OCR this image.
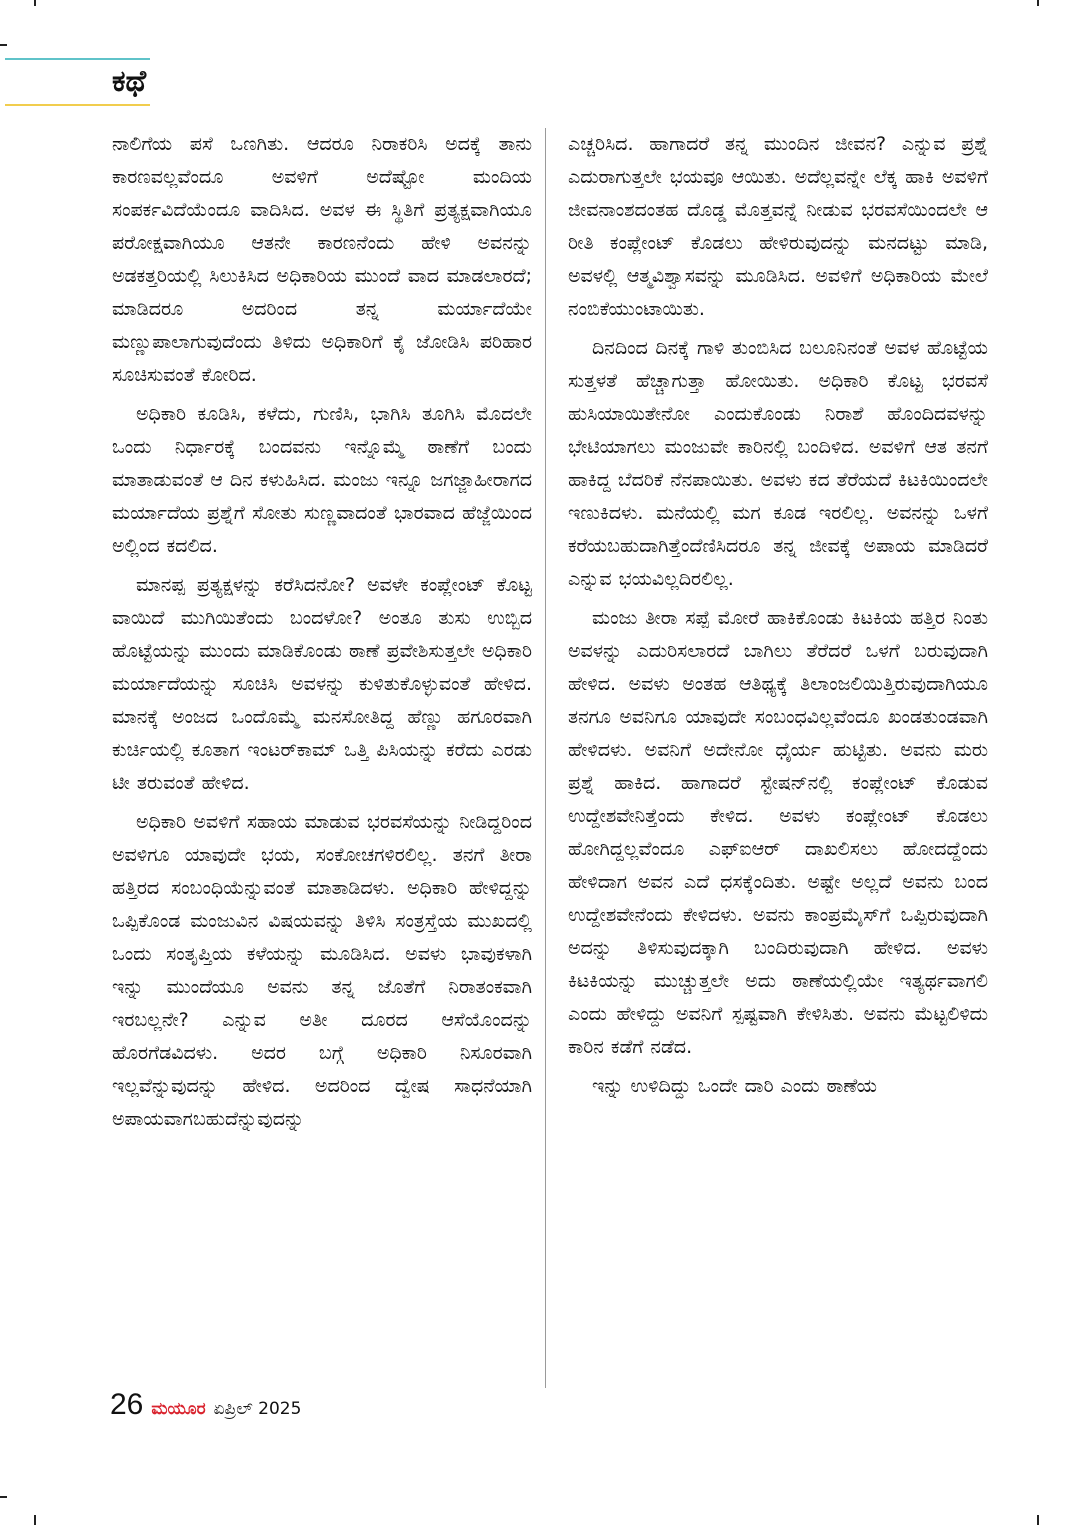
ಕಥೆ

ನಾಲಿಗೆಯ ಪಸೆ ಒಣಗಿತು. ಆದರೂ ನಿರಾಕರಿಸಿ ಅದಕ್ಕೆ ತಾನು ಕಾರಣವಲ್ಲವೆಂದೂ ಅವಳಿಗೆ ಅದೆಷ್ಟೋ ಮಂದಿಯ ಸಂಪರ್ಕವಿದೆಯೆಂದೂ ವಾದಿಸಿದ. ಅವಳ ಈ ಸ್ಥಿತಿಗೆ ಪ್ರತ್ಯಕ್ಷವಾಗಿಯೂ ಪರೋಕ್ಷವಾಗಿಯೂ ಆತನೇ ಕಾರಣನೆಂದು ಹೇಳಿ ಅವನನ್ನು ಅಡಕತ್ತರಿಯಲ್ಲಿ ಸಿಲುಕಿಸಿದ ಅಧಿಕಾರಿಯ ಮುಂದೆ ವಾದ ಮಾಡಲಾರದೆ; ಮಾಡಿದರೂ ಅದರಿಂದ ತನ್ನ ಮರ್ಯಾದೆಯೇ ಮಣ್ಣುಪಾಲಾಗುವುದೆಂದು ತಿಳಿದು ಅಧಿಕಾರಿಗೆ ಕೈ ಜೋಡಿಸಿ ಪರಿಹಾರ ಸೂಚಿಸುವಂತೆ ಕೋರಿದ.

ಅಧಿಕಾರಿ ಕೂಡಿಸಿ, ಕಳೆದು, ಗುಣಿಸಿ, ಭಾಗಿಸಿ ತೂಗಿಸಿ ಮೊದಲೇ ಒಂದು ನಿರ್ಧಾರಕ್ಕೆ ಬಂದವನು ಇನ್ನೊಮ್ಮೆ ಠಾಣೆಗೆ ಬಂದು ಮಾತಾಡುವಂತೆ ಆ ದಿನ ಕಳುಹಿಸಿದ. ಮಂಜು ಇನ್ನೂ ಜಗಜ್ಜಾಹೀರಾಗದ ಮರ್ಯಾದೆಯ ಪ್ರಶ್ನೆಗೆ ಸೋತು ಸುಣ್ಣವಾದಂತೆ ಭಾರವಾದ ಹೆಜ್ಜೆಯಿಂದ ಅಲ್ಲಿಂದ ಕದಲಿದ.

ಮಾನಪ್ಪ ಪ್ರತ್ಯಕ್ಷಳನ್ನು ಕರೆಸಿದನೋ? ಅವಳೇ ಕಂಪ್ಲೇಂಟ್ ಕೊಟ್ಟ ವಾಯಿದೆ ಮುಗಿಯಿತೆಂದು ಬಂದಳೋ? ಅಂತೂ ತುಸು ಉಬ್ಬಿದ ಹೊಟ್ಟೆಯನ್ನು ಮುಂದು ಮಾಡಿಕೊಂಡು ಠಾಣೆ ಪ್ರವೇಶಿಸುತ್ತಲೇ ಅಧಿಕಾರಿ ಮರ್ಯಾದೆಯನ್ನು ಸೂಚಿಸಿ ಅವಳನ್ನು ಕುಳಿತುಕೊಳ್ಳುವಂತೆ ಹೇಳಿದ. ಮಾನಕ್ಕೆ ಅಂಜದ ಒಂದೊಮ್ಮೆ ಮನಸೋತಿದ್ದ ಹೆಣ್ಣು ಹಗೂರವಾಗಿ ಕುರ್ಚಿಯಲ್ಲಿ ಕೂತಾಗ ಇಂಟರ್‌ಕಾಮ್ ಒತ್ತಿ ಪಿಸಿಯನ್ನು ಕರೆದು ಎರಡು ಟೀ ತರುವಂತೆ ಹೇಳಿದ.

ಅಧಿಕಾರಿ ಅವಳಿಗೆ ಸಹಾಯ ಮಾಡುವ ಭರವಸೆಯನ್ನು ನೀಡಿದ್ದರಿಂದ ಅವಳಿಗೂ ಯಾವುದೇ ಭಯ, ಸಂಕೋಚಗಳಿರಲಿಲ್ಲ. ತನಗೆ ತೀರಾ ಹತ್ತಿರದ ಸಂಬಂಧಿಯೆನ್ನುವಂತೆ ಮಾತಾಡಿದಳು. ಅಧಿಕಾರಿ ಹೇಳಿದ್ದನ್ನು ಒಪ್ಪಿಕೊಂಡ ಮಂಜುವಿನ ವಿಷಯವನ್ನು ತಿಳಿಸಿ ಸಂತ್ರಸ್ತೆಯ ಮುಖದಲ್ಲಿ ಒಂದು ಸಂತೃಪ್ತಿಯ ಕಳೆಯನ್ನು ಮೂಡಿಸಿದ. ಅವಳು ಭಾವುಕಳಾಗಿ ಇನ್ನು ಮುಂದೆಯೂ ಅವನು ತನ್ನ ಜೊತೆಗೆ ನಿರಾತಂಕವಾಗಿ ಇರಬಲ್ಲನೇ? ಎನ್ನುವ ಅತೀ ದೂರದ ಆಸೆಯೊಂದನ್ನು ಹೊರಗೆಡವಿದಳು. ಅದರ ಬಗ್ಗೆ ಅಧಿಕಾರಿ ನಿಸೂರವಾಗಿ ಇಲ್ಲವೆನ್ನುವುದನ್ನು ಹೇಳಿದ. ಅದರಿಂದ ದ್ವೇಷ ಸಾಧನೆಯಾಗಿ ಅಪಾಯವಾಗಬಹುದೆನ್ನುವುದನ್ನು

ಎಚ್ಚರಿಸಿದ. ಹಾಗಾದರೆ ತನ್ನ ಮುಂದಿನ ಜೀವನ? ಎನ್ನುವ ಪ್ರಶ್ನೆ ಎದುರಾಗುತ್ತಲೇ ಭಯವೂ ಆಯಿತು. ಅದೆಲ್ಲವನ್ನೇ ಲೆಕ್ಕ ಹಾಕಿ ಅವಳಿಗೆ ಜೀವನಾಂಶದಂತಹ ದೊಡ್ಡ ಮೊತ್ತವನ್ನೆ ನೀಡುವ ಭರವಸೆಯಿಂದಲೇ ಆ ರೀತಿ ಕಂಪ್ಲೇಂಟ್ ಕೊಡಲು ಹೇಳಿರುವುದನ್ನು ಮನದಟ್ಟು ಮಾಡಿ, ಅವಳಲ್ಲಿ ಆತ್ಮವಿಶ್ವಾಸವನ್ನು ಮೂಡಿಸಿದ. ಅವಳಿಗೆ ಅಧಿಕಾರಿಯ ಮೇಲೆ ನಂಬಿಕೆಯುಂಟಾಯಿತು.

ದಿನದಿಂದ ದಿನಕ್ಕೆ ಗಾಳಿ ತುಂಬಿಸಿದ ಬಲೂನಿನಂತೆ ಅವಳ ಹೊಟ್ಟೆಯ ಸುತ್ತಳತೆ ಹೆಚ್ಚಾಗುತ್ತಾ ಹೋಯಿತು. ಅಧಿಕಾರಿ ಕೊಟ್ಟ ಭರವಸೆ ಹುಸಿಯಾಯಿತೇನೋ ಎಂದುಕೊಂಡು ನಿರಾಶೆ ಹೊಂದಿದವಳನ್ನು ಭೇಟಿಯಾಗಲು ಮಂಜುವೇ ಕಾರಿನಲ್ಲಿ ಬಂದಿಳಿದ. ಅವಳಿಗೆ ಆತ ತನಗೆ ಹಾಕಿದ್ದ ಬೆದರಿಕೆ ನೆನಪಾಯಿತು. ಅವಳು ಕದ ತೆರೆಯದೆ ಕಿಟಕಿಯಿಂದಲೇ ಇಣುಕಿದಳು. ಮನೆಯಲ್ಲಿ ಮಗ ಕೂಡ ಇರಲಿಲ್ಲ. ಅವನನ್ನು ಒಳಗೆ ಕರೆಯಬಹುದಾಗಿತ್ತೆಂದೆಣಿಸಿದರೂ ತನ್ನ ಜೀವಕ್ಕೆ ಅಪಾಯ ಮಾಡಿದರೆ ಎನ್ನುವ ಭಯವಿಲ್ಲದಿರಲಿಲ್ಲ.

ಮಂಜು ತೀರಾ ಸಪ್ಪೆ ಮೋರೆ ಹಾಕಿಕೊಂಡು ಕಿಟಕಿಯ ಹತ್ತಿರ ನಿಂತು ಅವಳನ್ನು ಎದುರಿಸಲಾರದೆ ಬಾಗಿಲು ತೆರೆದರೆ ಒಳಗೆ ಬರುವುದಾಗಿ ಹೇಳಿದ. ಅವಳು ಅಂತಹ ಆತಿಥ್ಯಕ್ಕೆ ತಿಲಾಂಜಲಿಯಿತ್ತಿರುವುದಾಗಿಯೂ ತನಗೂ ಅವನಿಗೂ ಯಾವುದೇ ಸಂಬಂಧವಿಲ್ಲವೆಂದೂ ಖಂಡತುಂಡವಾಗಿ ಹೇಳಿದಳು. ಅವನಿಗೆ ಅದೇನೋ ಧೈರ್ಯ ಹುಟ್ಟಿತು. ಅವನು ಮರು ಪ್ರಶ್ನೆ ಹಾಕಿದ. ಹಾಗಾದರೆ ಸ್ಟೇಷನ್‌ನಲ್ಲಿ ಕಂಪ್ಲೇಂಟ್ ಕೊಡುವ ಉದ್ದೇಶವೇನಿತ್ತೆಂದು ಕೇಳಿದ. ಅವಳು ಕಂಪ್ಲೇಂಟ್ ಕೊಡಲು ಹೋಗಿದ್ದಲ್ಲವೆಂದೂ ಎಫ್ಐಆರ್ ದಾಖಲಿಸಲು ಹೋದದ್ದೆಂದು ಹೇಳಿದಾಗ ಅವನ ಎದೆ ಧಸಕ್ಕೆಂದಿತು. ಅಷ್ಟೇ ಅಲ್ಲದೆ ಅವನು ಬಂದ ಉದ್ದೇಶವೇನೆಂದು ಕೇಳಿದಳು. ಅವನು ಕಾಂಪ್ರಮೈಸ್‌ಗೆ ಒಪ್ಪಿರುವುದಾಗಿ ಅದನ್ನು ತಿಳಿಸುವುದಕ್ಕಾಗಿ ಬಂದಿರುವುದಾಗಿ ಹೇಳಿದ. ಅವಳು ಕಿಟಕಿಯನ್ನು ಮುಚ್ಚುತ್ತಲೇ ಅದು ಠಾಣೆಯಲ್ಲಿಯೇ ಇತ್ಯರ್ಥವಾಗಲಿ ಎಂದು ಹೇಳಿದ್ದು ಅವನಿಗೆ ಸ್ಪಷ್ಟವಾಗಿ ಕೇಳಿಸಿತು. ಅವನು ಮೆಟ್ಟಲಿಳಿದು ಕಾರಿನ ಕಡೆಗೆ ನಡೆದ.

ಇನ್ನು ಉಳಿದಿದ್ದು ಒಂದೇ ದಾರಿ ಎಂದು ಠಾಣೆಯ

26 ಮಯೂರ ಏಪ್ರಿಲ್ 2025
